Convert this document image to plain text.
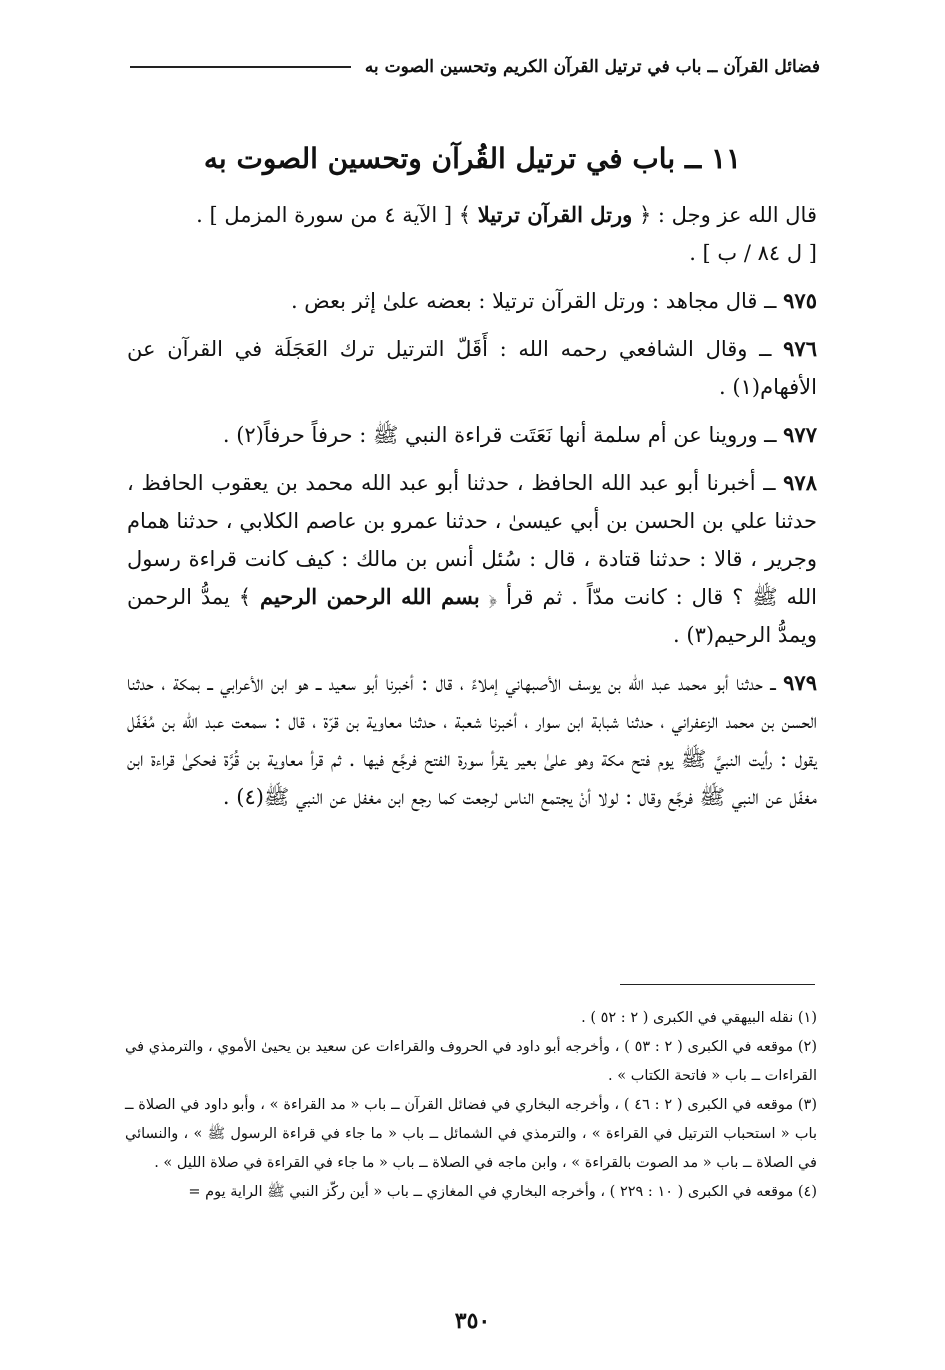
فضائل القرآن ــ باب في ترتيل القرآن الكريم وتحسين الصوت به
١١ ــ باب في ترتيل القُرآن وتحسين الصوت به

قال الله عز وجل : ﴿ ورتل القرآن ترتيلا ﴾ [ الآية ٤ من سورة المزمل ] .
[ ل ٨٤ / ب ] .

٩٧٥ ــ قال مجاهد : ورتل القرآن ترتيلا : بعضه علىٰ إثر بعض .

٩٧٦ ــ وقال الشافعي رحمه الله : أَقَلّ الترتيل ترك العَجَلَة في القرآن عن الأفهام(١) .

٩٧٧ ــ وروينا عن أم سلمة أنها نَعَتَت قراءة النبي ﷺ : حرفاً حرفاً(٢) .

٩٧٨ ــ أخبرنا أبو عبد الله الحافظ ، حدثنا أبو عبد الله محمد بن يعقوب الحافظ ، حدثنا علي بن الحسن بن أبي عيسىٰ ، حدثنا عمرو بن عاصم الكلابي ، حدثنا همام وجرير ، قالا : حدثنا قتادة ، قال : سُئل أنس بن مالك : كيف كانت قراءة رسول الله ﷺ ؟ قال : كانت مدّاً . ثم قرأ ﴿ بسم الله الرحمن الرحيم ﴾ يمدُّ الرحمن ويمدُّ الرحيم(٣) .

٩٧٩ ــ حدثنا أبو محمد عبد الله بن يوسف الأصبهاني إملاءً ، قال : أخبرنا أبو سعيد ــ هو ابن الأعرابي ــ بمكة ، حدثنا الحسن بن محمد الزعفراني ، حدثنا شبابة ابن سوار ، أخبرنا شعبة ، حدثنا معاوية بن قرّة ، قال : سمعت عبد الله بن مُغَفّل يقول : رأيت النبيَّ ﷺ يوم فتح مكة وهو علىٰ بعير يقرأ سورة الفتح فرجَّع فيها . ثم قرأ معاوية بن قُرَّة فحكىٰ قراءة ابن مغفّل عن النبي ﷺ فرجَّع وقال : لولا أنْ يجتمع الناس لرجعت كما رجع ابن مغفل عن النبي ﷺ(٤) .

(١) نقله البيهقي في الكبرى ( ٢ : ٥٢ ) .

(٢) موقعه في الكبرى ( ٢ : ٥٣ ) ، وأخرجه أبو داود في الحروف والقراءات عن سعيد بن يحيىٰ الأموي ، والترمذي في القراءات ــ باب « فاتحة الكتاب » .

(٣) موقعه في الكبرى ( ٢ : ٤٦ ) ، وأخرجه البخاري في فضائل القرآن ــ باب « مد القراءة » ، وأبو داود في الصلاة ــ باب « استحباب الترتيل في القراءة » ، والترمذي في الشمائل ــ باب « ما جاء في قراءة الرسول ﷺ » ، والنسائي في الصلاة ــ باب « مد الصوت بالقراءة » ، وابن ماجه في الصلاة ــ باب « ما جاء في القراءة في صلاة الليل » .

(٤) موقعه في الكبرى ( ١٠ : ٢٢٩ ) ، وأخرجه البخاري في المغازي ــ باب « أين ركّز النبي ﷺ الراية يوم =

٣٥٠
